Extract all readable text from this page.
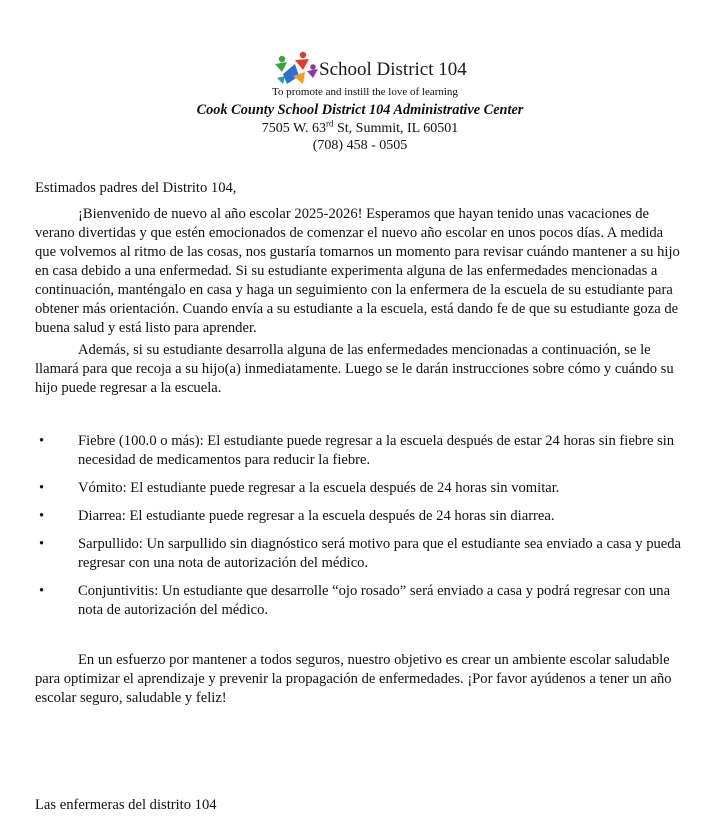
School District 104
To promote and instill the love of learning
Cook County School District 104 Administrative Center
7505 W. 63rd St, Summit, IL 60501
(708) 458 - 0505
Estimados padres del Distrito 104,

¡Bienvenido de nuevo al año escolar 2025-2026! Esperamos que hayan tenido unas vacaciones de verano divertidas y que estén emocionados de comenzar el nuevo año escolar en unos pocos días. A medida que volvemos al ritmo de las cosas, nos gustaría tomarnos un momento para revisar cuándo mantener a su hijo en casa debido a una enfermedad. Si su estudiante experimenta alguna de las enfermedades mencionadas a continuación, manténgalo en casa y haga un seguimiento con la enfermera de la escuela de su estudiante para obtener más orientación. Cuando envía a su estudiante a la escuela, está dando fe de que su estudiante goza de buena salud y está listo para aprender.

Además, si su estudiante desarrolla alguna de las enfermedades mencionadas a continuación, se le llamará para que recoja a su hijo(a) inmediatamente. Luego se le darán instrucciones sobre cómo y cuándo su hijo puede regresar a la escuela.

• Fiebre (100.0 o más): El estudiante puede regresar a la escuela después de estar 24 horas sin fiebre sin necesidad de medicamentos para reducir la fiebre.
• Vómito: El estudiante puede regresar a la escuela después de 24 horas sin vomitar.
• Diarrea: El estudiante puede regresar a la escuela después de 24 horas sin diarrea.
• Sarpullido: Un sarpullido sin diagnóstico será motivo para que el estudiante sea enviado a casa y pueda regresar con una nota de autorización del médico.
• Conjuntivitis: Un estudiante que desarrolle “ojo rosado” será enviado a casa y podrá regresar con una nota de autorización del médico.

En un esfuerzo por mantener a todos seguros, nuestro objetivo es crear un ambiente escolar saludable para optimizar el aprendizaje y prevenir la propagación de enfermedades. ¡Por favor ayúdenos a tener un año escolar seguro, saludable y feliz!

Las enfermeras del distrito 104
